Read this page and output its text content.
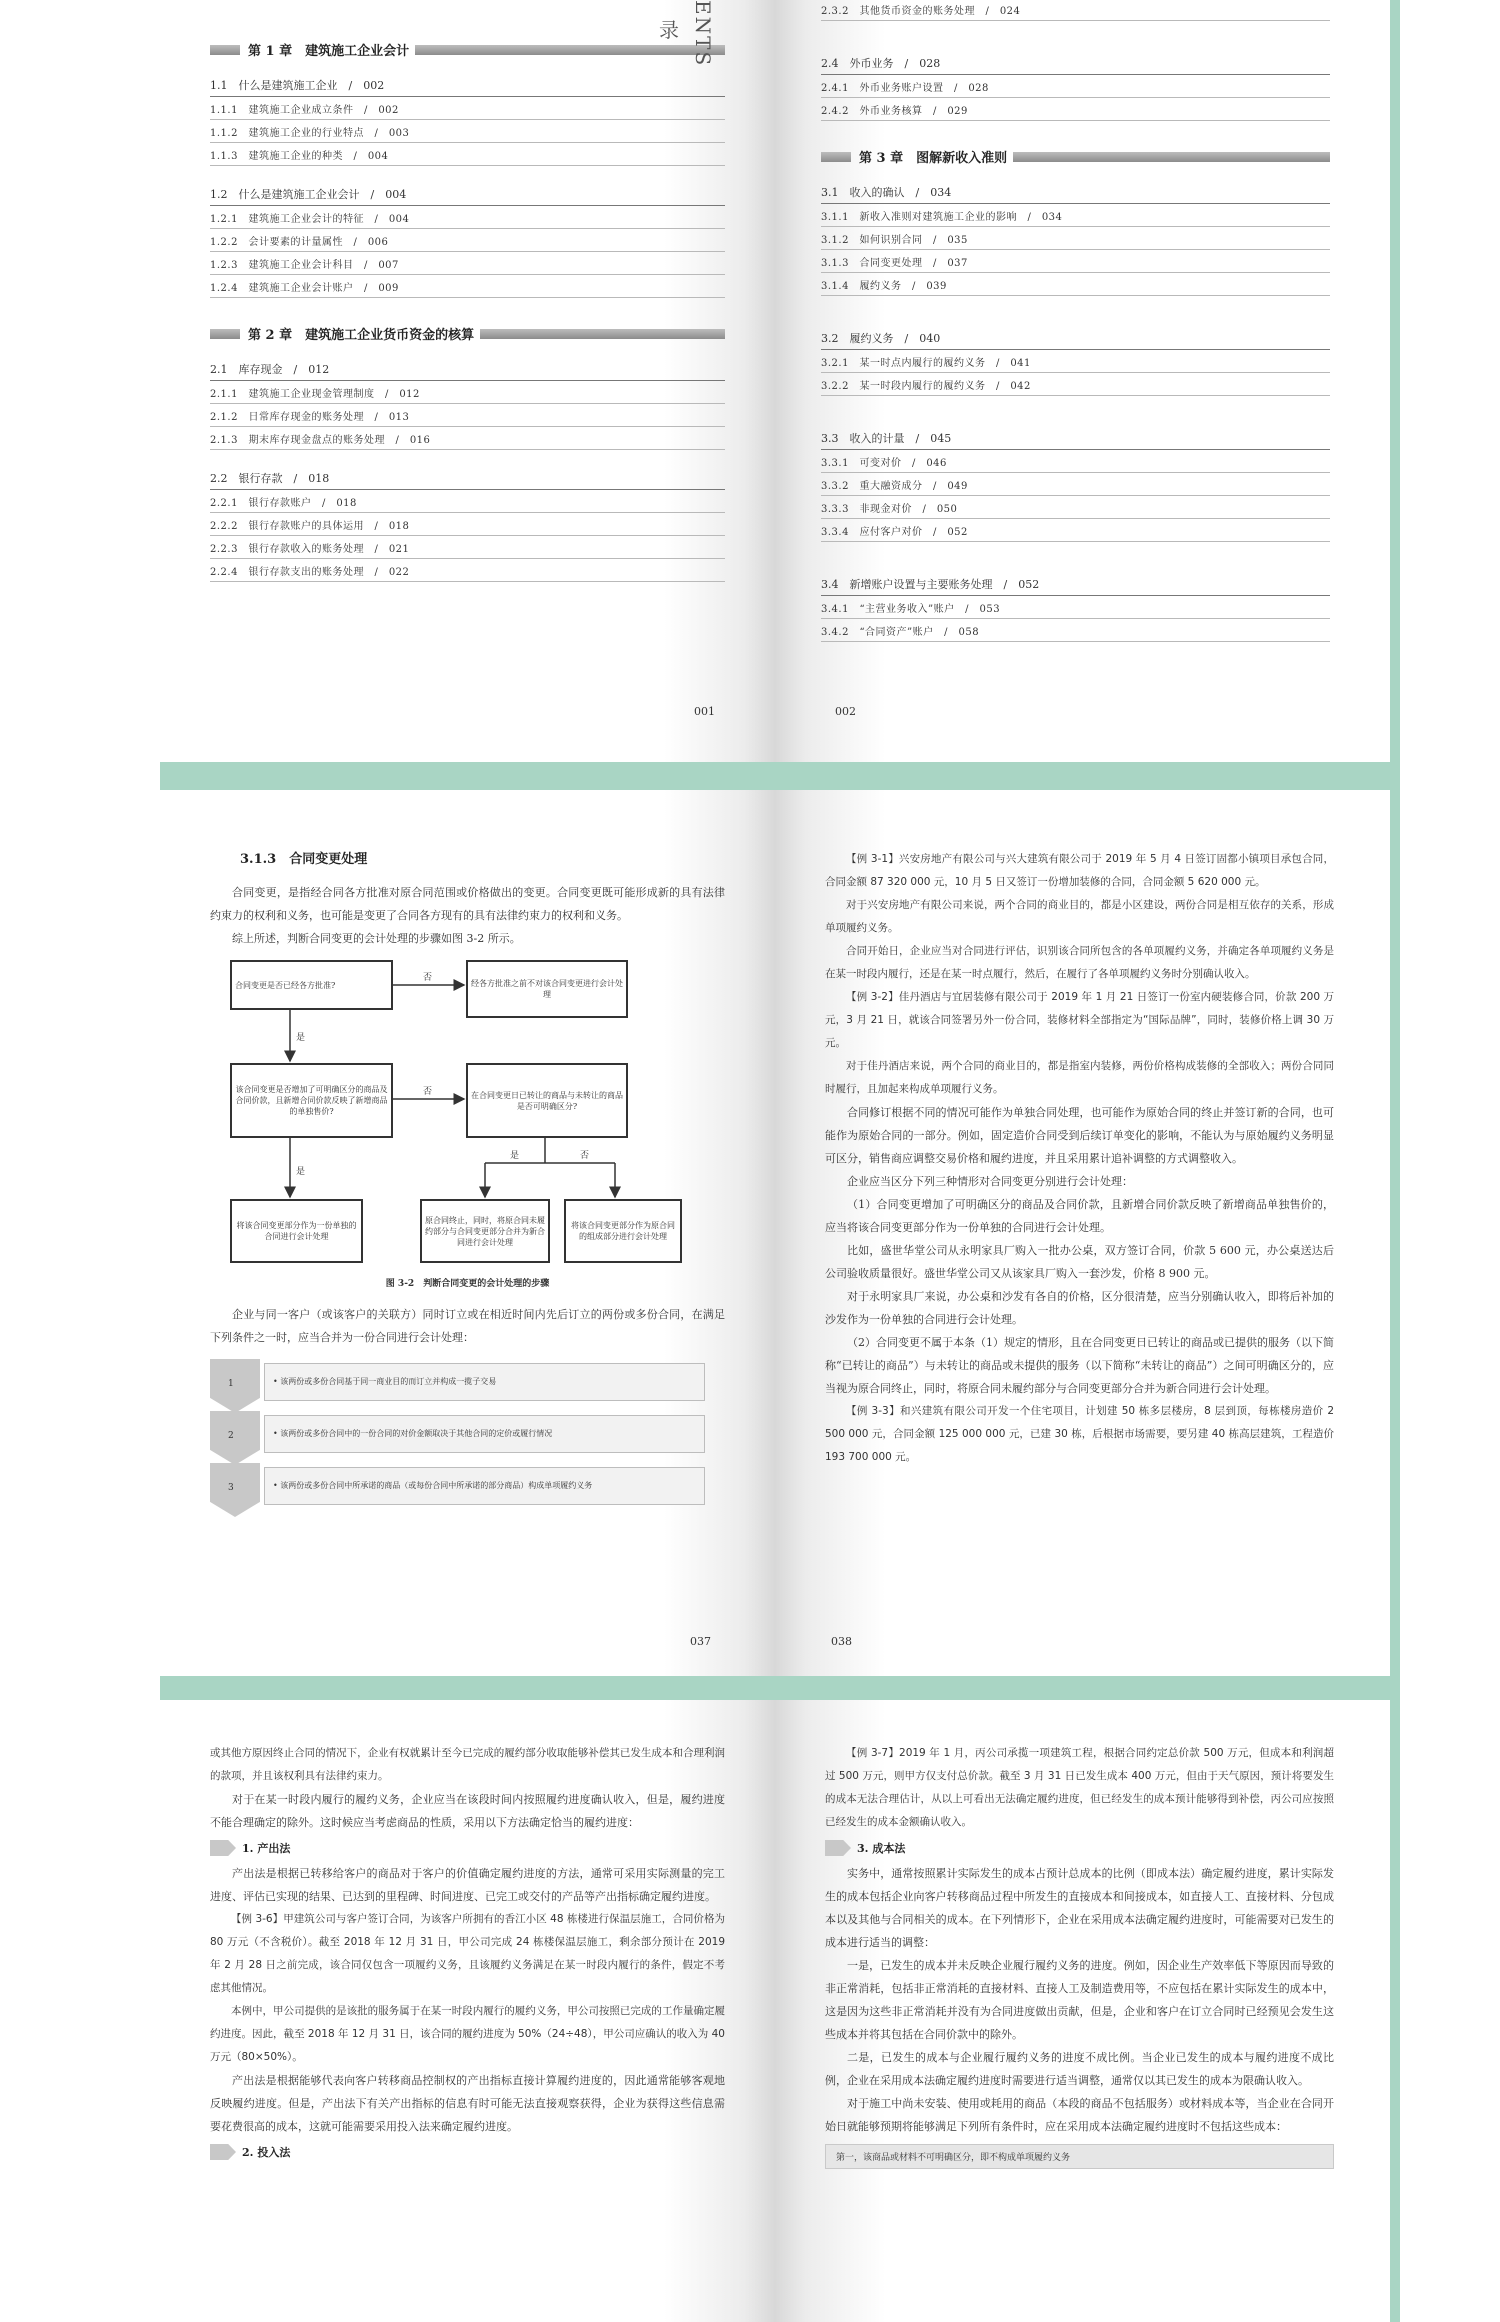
ENTS
录
第 1 章　建筑施工企业会计
1.1　什么是建筑施工企业　/　002
1.1.1　建筑施工企业成立条件　/　002
1.1.2　建筑施工企业的行业特点　/　003
1.1.3　建筑施工企业的种类　/　004
1.2　什么是建筑施工企业会计　/　004
1.2.1　建筑施工企业会计的特征　/　004
1.2.2　会计要素的计量属性　/　006
1.2.3　建筑施工企业会计科目　/　007
1.2.4　建筑施工企业会计账户　/　009
第 2 章　建筑施工企业货币资金的核算
2.1　库存现金　/　012
2.1.1　建筑施工企业现金管理制度　/　012
2.1.2　日常库存现金的账务处理　/　013
2.1.3　期末库存现金盘点的账务处理　/　016
2.2　银行存款　/　018
2.2.1　银行存款账户　/　018
2.2.2　银行存款账户的具体运用　/　018
2.2.3　银行存款收入的账务处理　/　021
2.2.4　银行存款支出的账务处理　/　022
001
2.3.2　其他货币资金的账务处理　/　024
2.4　外币业务　/　028
2.4.1　外币业务账户设置　/　028
2.4.2　外币业务核算　/　029
第 3 章　图解新收入准则
3.1　收入的确认　/　034
3.1.1　新收入准则对建筑施工企业的影响　/　034
3.1.2　如何识别合同　/　035
3.1.3　合同变更处理　/　037
3.1.4　履约义务　/　039
3.2　履约义务　/　040
3.2.1　某一时点内履行的履约义务　/　041
3.2.2　某一时段内履行的履约义务　/　042
3.3　收入的计量　/　045
3.3.1　可变对价　/　046
3.3.2　重大融资成分　/　049
3.3.3　非现金对价　/　050
3.3.4　应付客户对价　/　052
3.4　新增账户设置与主要账务处理　/　052
3.4.1　“主营业务收入”账户　/　053
3.4.2　“合同资产”账户　/　058
002
3.1.3　合同变更处理

合同变更，是指经合同各方批准对原合同范围或价格做出的变更。合同变更既可能形成新的具有法律约束力的权利和义务，也可能是变更了合同各方现有的具有法律约束力的权利和义务。

综上所述，判断合同变更的会计处理的步骤如图 3-2 所示。

合同变更是否已经各方批准?	经各方批准之前不对该合同变更进行会计处理
该合同变更是否增加了可明确区分的商品及合同价款，且新增合同价款反映了新增商品的单独售价?
在合同变更日已转让的商品与未转让的商品是否可明确区分?
将该合同变更部分作为一份单独的合同进行会计处理
原合同终止，同时，将原合同未履约部分与合同变更部分合并为新合同进行会计处理
将该合同变更部分作为原合同的组成部分进行会计处理
否
是
否
是
是	否
图 3-2　判断合同变更的会计处理的步骤

企业与同一客户（或该客户的关联方）同时订立或在相近时间内先后订立的两份或多份合同，在满足下列条件之一时，应当合并为一份合同进行会计处理：

1	• 该两份或多份合同基于同一商业目的而订立并构成一揽子交易
2	• 该两份或多份合同中的一份合同的对价金额取决于其他合同的定价或履行情况
3	• 该两份或多份合同中所承诺的商品（或每份合同中所承诺的部分商品）构成单项履约义务
037

【例 3-1】兴安房地产有限公司与兴大建筑有限公司于 2019 年 5 月 4 日签订固都小镇项目承包合同，合同金额 87 320 000 元，10 月 5 日又签订一份增加装修的合同，合同金额 5 620 000 元。

对于兴安房地产有限公司来说，两个合同的商业目的，都是小区建设，两份合同是相互依存的关系，形成单项履约义务。

合同开始日，企业应当对合同进行评估，识别该合同所包含的各单项履约义务，并确定各单项履约义务是在某一时段内履行，还是在某一时点履行，然后，在履行了各单项履约义务时分别确认收入。

【例 3-2】佳丹酒店与宜居装修有限公司于 2019 年 1 月 21 日签订一份室内硬装修合同，价款 200 万元，3 月 21 日，就该合同签署另外一份合同，装修材料全部指定为“国际品牌”，同时，装修价格上调 30 万元。

对于佳丹酒店来说，两个合同的商业目的，都是指室内装修，两份价格构成装修的全部收入；两份合同同时履行，且加起来构成单项履行义务。

合同修订根据不同的情况可能作为单独合同处理，也可能作为原始合同的终止并签订新的合同，也可能作为原始合同的一部分。例如，固定造价合同受到后续订单变化的影响，不能认为与原始履约义务明显可区分，销售商应调整交易价格和履约进度，并且采用累计追补调整的方式调整收入。

企业应当区分下列三种情形对合同变更分别进行会计处理：

（1）合同变更增加了可明确区分的商品及合同价款，且新增合同价款反映了新增商品单独售价的，应当将该合同变更部分作为一份单独的合同进行会计处理。

比如，盛世华堂公司从永明家具厂购入一批办公桌，双方签订合同，价款 5 600 元，办公桌送达后公司验收质量很好。盛世华堂公司又从该家具厂购入一套沙发，价格 8 900 元。

对于永明家具厂来说，办公桌和沙发有各自的价格，区分很清楚，应当分别确认收入，即将后补加的沙发作为一份单独的合同进行会计处理。

（2）合同变更不属于本条（1）规定的情形，且在合同变更日已转让的商品或已提供的服务（以下简称“已转让的商品”）与未转让的商品或未提供的服务（以下简称“未转让的商品”）之间可明确区分的，应当视为原合同终止，同时，将原合同未履约部分与合同变更部分合并为新合同进行会计处理。

【例 3-3】和兴建筑有限公司开发一个住宅项目，计划建 50 栋多层楼房，8 层到顶，每栋楼房造价 2 500 000 元，合同金额 125 000 000 元，已建 30 栋，后根据市场需要，要另建 40 栋高层建筑，工程造价 193 700 000 元。

038

或其他方原因终止合同的情况下，企业有权就累计至今已完成的履约部分收取能够补偿其已发生成本和合理利润的款项，并且该权利具有法律约束力。

对于在某一时段内履行的履约义务，企业应当在该段时间内按照履约进度确认收入，但是，履约进度不能合理确定的除外。这时候应当考虑商品的性质，采用以下方法确定恰当的履约进度：

1. 产出法

产出法是根据已转移给客户的商品对于客户的价值确定履约进度的方法，通常可采用实际测量的完工进度、评估已实现的结果、已达到的里程碑、时间进度、已完工或交付的产品等产出指标确定履约进度。

【例 3-6】甲建筑公司与客户签订合同，为该客户所拥有的香江小区 48 栋楼进行保温层施工，合同价格为 80 万元（不含税价）。截至 2018 年 12 月 31 日，甲公司完成 24 栋楼保温层施工，剩余部分预计在 2019 年 2 月 28 日之前完成，该合同仅包含一项履约义务，且该履约义务满足在某一时段内履行的条件，假定不考虑其他情况。

本例中，甲公司提供的是该批的服务属于在某一时段内履行的履约义务，甲公司按照已完成的工作量确定履约进度。因此，截至 2018 年 12 月 31 日，该合同的履约进度为 50%（24÷48），甲公司应确认的收入为 40 万元（80×50%）。

产出法是根据能够代表向客户转移商品控制权的产出指标直接计算履约进度的，因此通常能够客观地反映履约进度。但是，产出法下有关产出指标的信息有时可能无法直接观察获得，企业为获得这些信息需要花费很高的成本，这就可能需要采用投入法来确定履约进度。

2. 投入法

【例 3-7】2019 年 1 月，丙公司承揽一项建筑工程，根据合同约定总价款 500 万元，但成本和利润超过 500 万元，则甲方仅支付总价款。截至 3 月 31 日已发生成本 400 万元，但由于天气原因，预计将要发生的成本无法合理估计，从以上可看出无法确定履约进度，但已经发生的成本预计能够得到补偿，丙公司应按照已经发生的成本金额确认收入。

3. 成本法

实务中，通常按照累计实际发生的成本占预计总成本的比例（即成本法）确定履约进度，累计实际发生的成本包括企业向客户转移商品过程中所发生的直接成本和间接成本，如直接人工、直接材料、分包成本以及其他与合同相关的成本。在下列情形下，企业在采用成本法确定履约进度时，可能需要对已发生的成本进行适当的调整：

一是，已发生的成本并未反映企业履行履约义务的进度。例如，因企业生产效率低下等原因而导致的非正常消耗，包括非正常消耗的直接材料、直接人工及制造费用等，不应包括在累计实际发生的成本中，这是因为这些非正常消耗并没有为合同进度做出贡献，但是，企业和客户在订立合同时已经预见会发生这些成本并将其包括在合同价款中的除外。

二是，已发生的成本与企业履行履约义务的进度不成比例。当企业已发生的成本与履约进度不成比例，企业在采用成本法确定履约进度时需要进行适当调整，通常仅以其已发生的成本为限确认收入。

对于施工中尚未安装、使用或耗用的商品（本段的商品不包括服务）或材料成本等，当企业在合同开始日就能够预期将能够满足下列所有条件时，应在采用成本法确定履约进度时不包括这些成本：

第一，该商品或材料不可明确区分，即不构成单项履约义务
